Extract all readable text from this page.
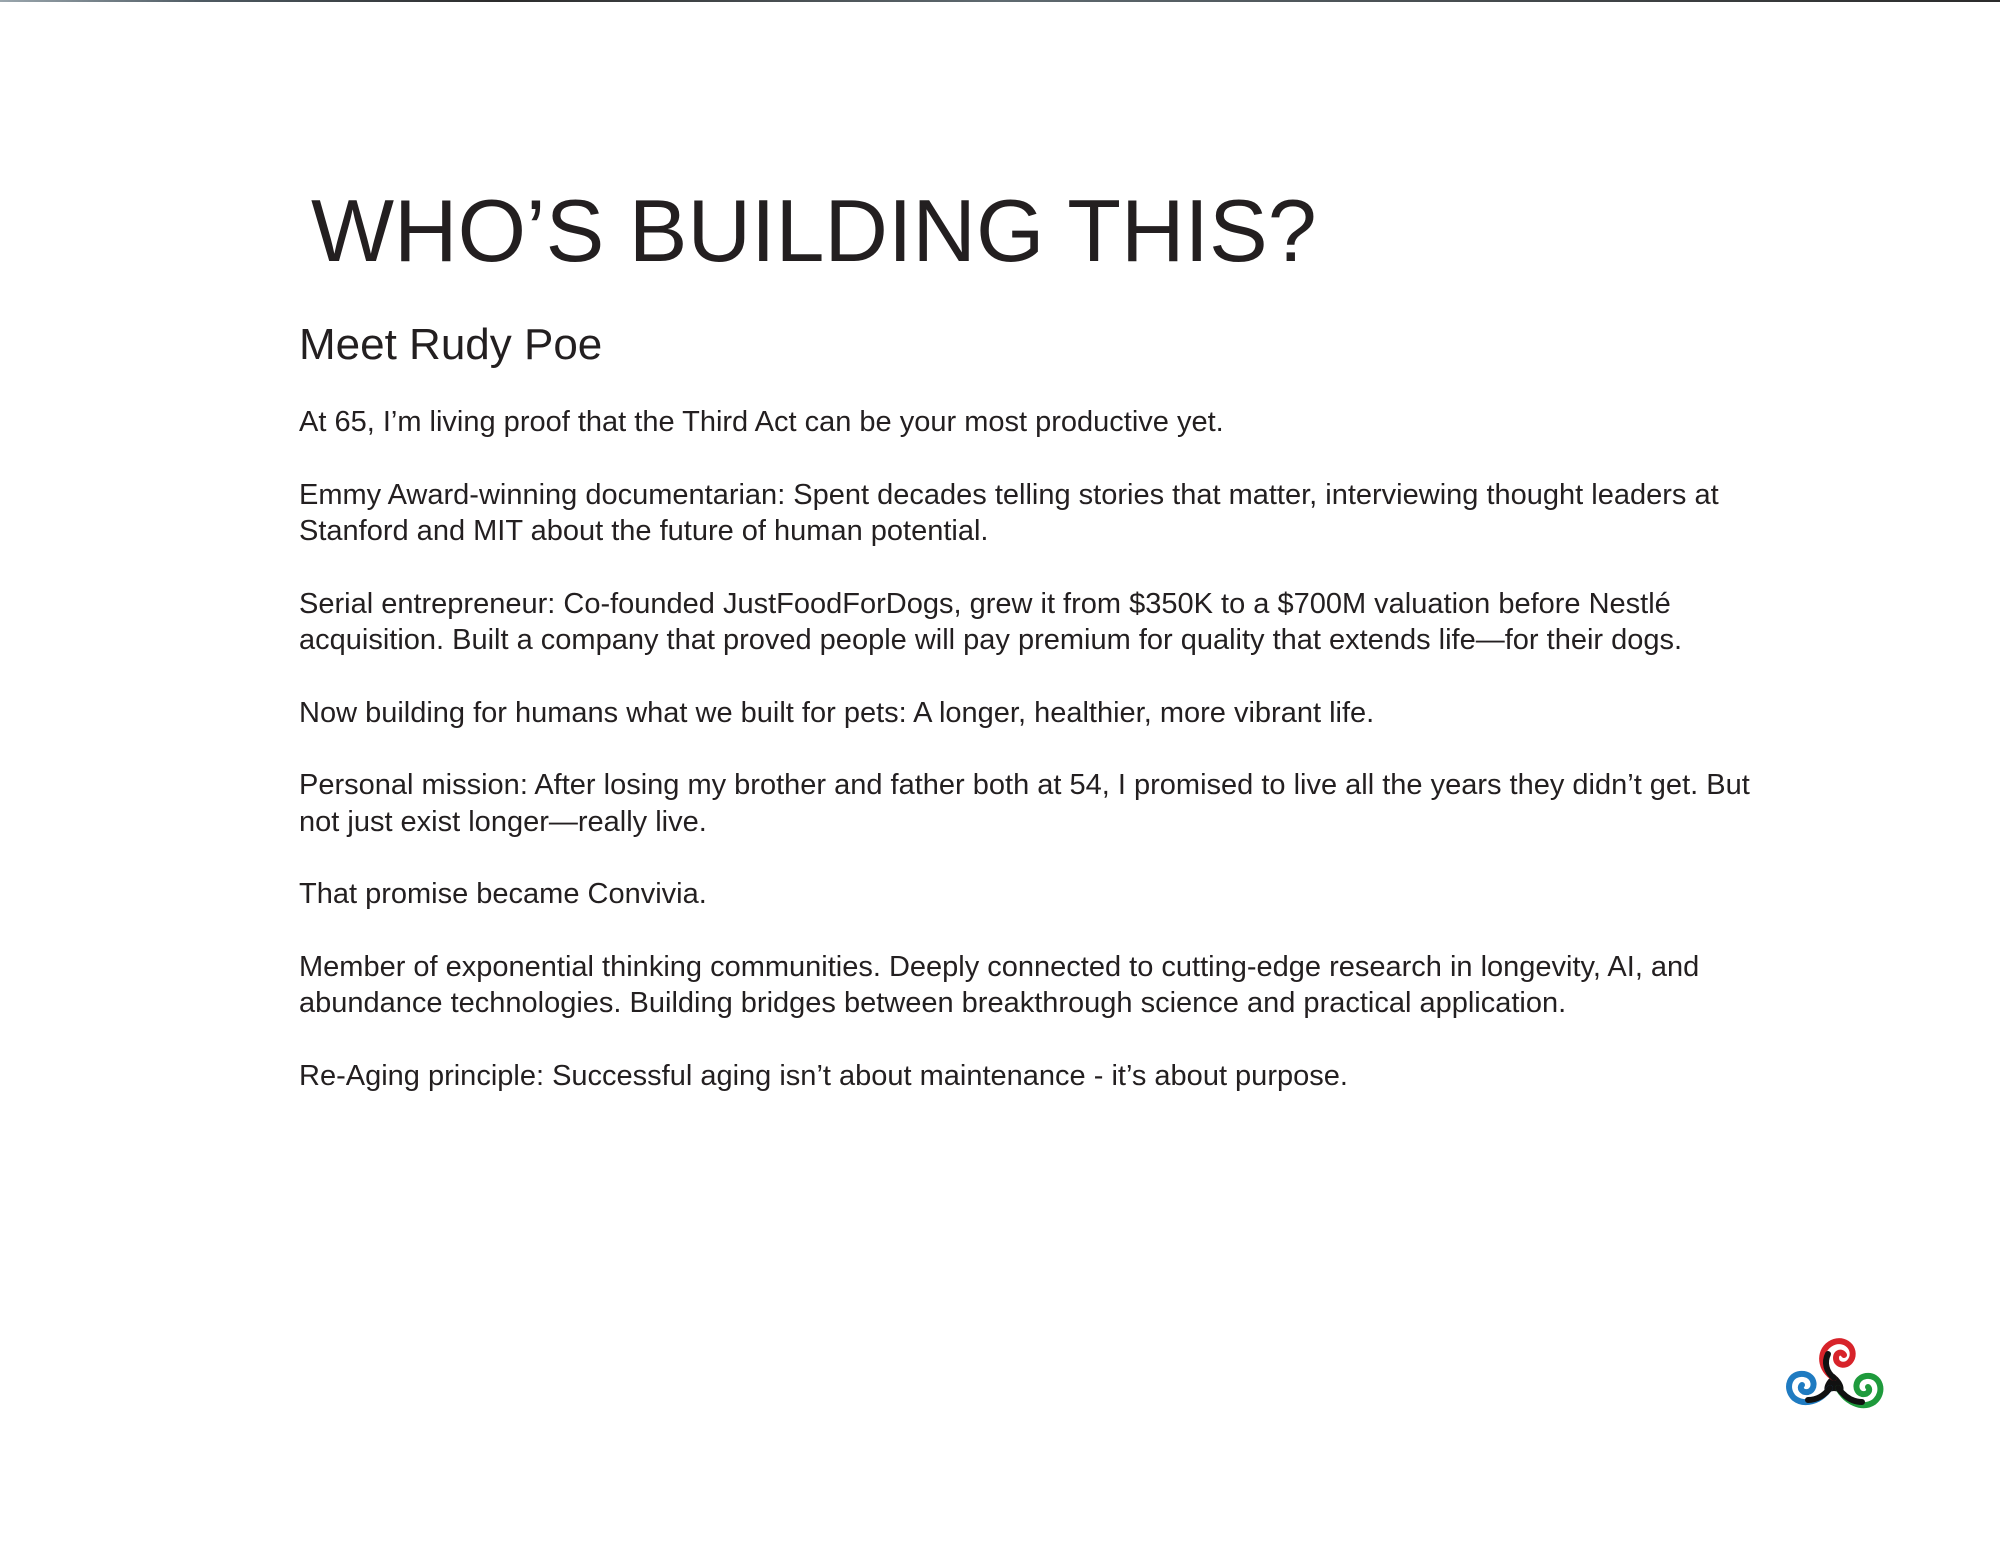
WHO’S BUILDING THIS?
Meet Rudy Poe

At 65, I’m living proof that the Third Act can be your most productive yet.

Emmy Award-winning documentarian: Spent decades telling stories that matter, interviewing thought leaders at Stanford and MIT about the future of human potential.

Serial entrepreneur: Co-founded JustFoodForDogs, grew it from $350K to a $700M valuation before Nestlé acquisition. Built a company that proved people will pay premium for quality that extends life—for their dogs.

Now building for humans what we built for pets: A longer, healthier, more vibrant life.

Personal mission: After losing my brother and father both at 54, I promised to live all the years they didn’t get. But not just exist longer—really live.

That promise became Convivia.

Member of exponential thinking communities. Deeply connected to cutting-edge research in longevity, AI, and abundance technologies. Building bridges between breakthrough science and practical application.

Re-Aging principle: Successful aging isn’t about maintenance - it’s about purpose.
